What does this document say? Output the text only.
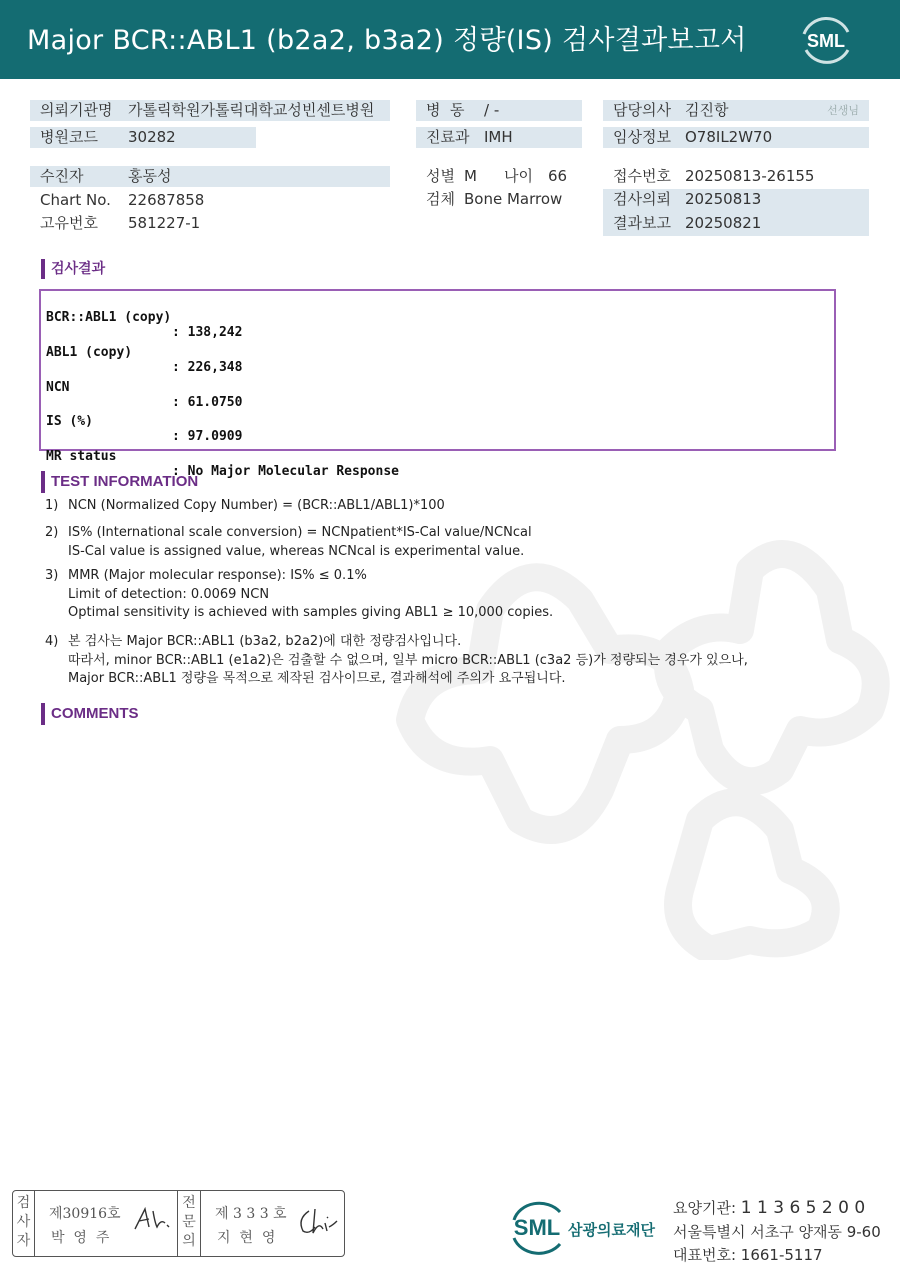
Major BCR::ABL1 (b2a2, b3a2) 정량(IS) 검사결과보고서	SML
의뢰기관명 가톨릭학원가톨릭대학교성빈센트병원
병원코드 30282
병  동 / -
진료과 IMH
담당의사 김진항	선생님
임상정보 O78IL2W70
수진자	홍동성
Chart No. 22687858
고유번호 581227-1
성별 M 나이 66
검체 Bone Marrow
접수번호 20250813-26155
검사의뢰 20250813
결과보고 20250821
검사결과

BCR::ABL1 (copy)

: 138,242

ABL1 (copy)

: 226,348

NCN

: 61.0750

IS (%)

: 97.0909

MR status

: No Major Molecular Response

TEST INFORMATION
1) NCN (Normalized Copy Number) = (BCR::ABL1/ABL1)*100
2) IS% (International scale conversion) = NCNpatient*IS-Cal value/NCNcal
IS-Cal value is assigned value, whereas NCNcal is experimental value.
3) MMR (Major molecular response): IS% ≤ 0.1%
Limit of detection: 0.0069 NCN
Optimal sensitivity is achieved with samples giving ABL1 ≥ 10,000 copies.
4) 본 검사는 Major BCR::ABL1 (b3a2, b2a2)에 대한 정량검사입니다.
따라서, minor BCR::ABL1 (e1a2)은 검출할 수 없으며, 일부 micro BCR::ABL1 (c3a2 등)가 정량되는 경우가 있으나,
Major BCR::ABL1 정량을 목적으로 제작된 검사이므로, 결과해석에 주의가 요구됩니다.
COMMENTS
검
사
자
제30916호
박  영  주
전
문
의
제 3 3 3 호
지  현  영	SML 삼광의료재단
요양기관: 1 1 3 6 5 2 0 0
서울특별시 서초구 양재동 9-60
대표번호: 1661-5117
